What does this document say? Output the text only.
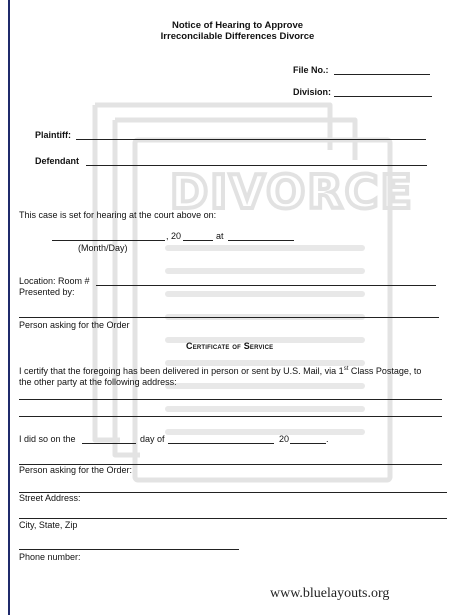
DIVORCE
Notice of Hearing to Approve
Irreconcilable Differences Divorce
File No.:
Division:
Plaintiff:
Defendant
This case is set for hearing at the court above on:
, 20	at
(Month/Day)
Location: Room #
Presented by:
Person asking for the Order
Certificate of Service
I certify that the foregoing has been delivered in person or sent by U.S. Mail, via 1st Class Postage, to
the other party at the following address:
I did so on the	day of	20	.
Person asking for the Order:
Street Address:
City, State, Zip
Phone number:
www.bluelayouts.org
